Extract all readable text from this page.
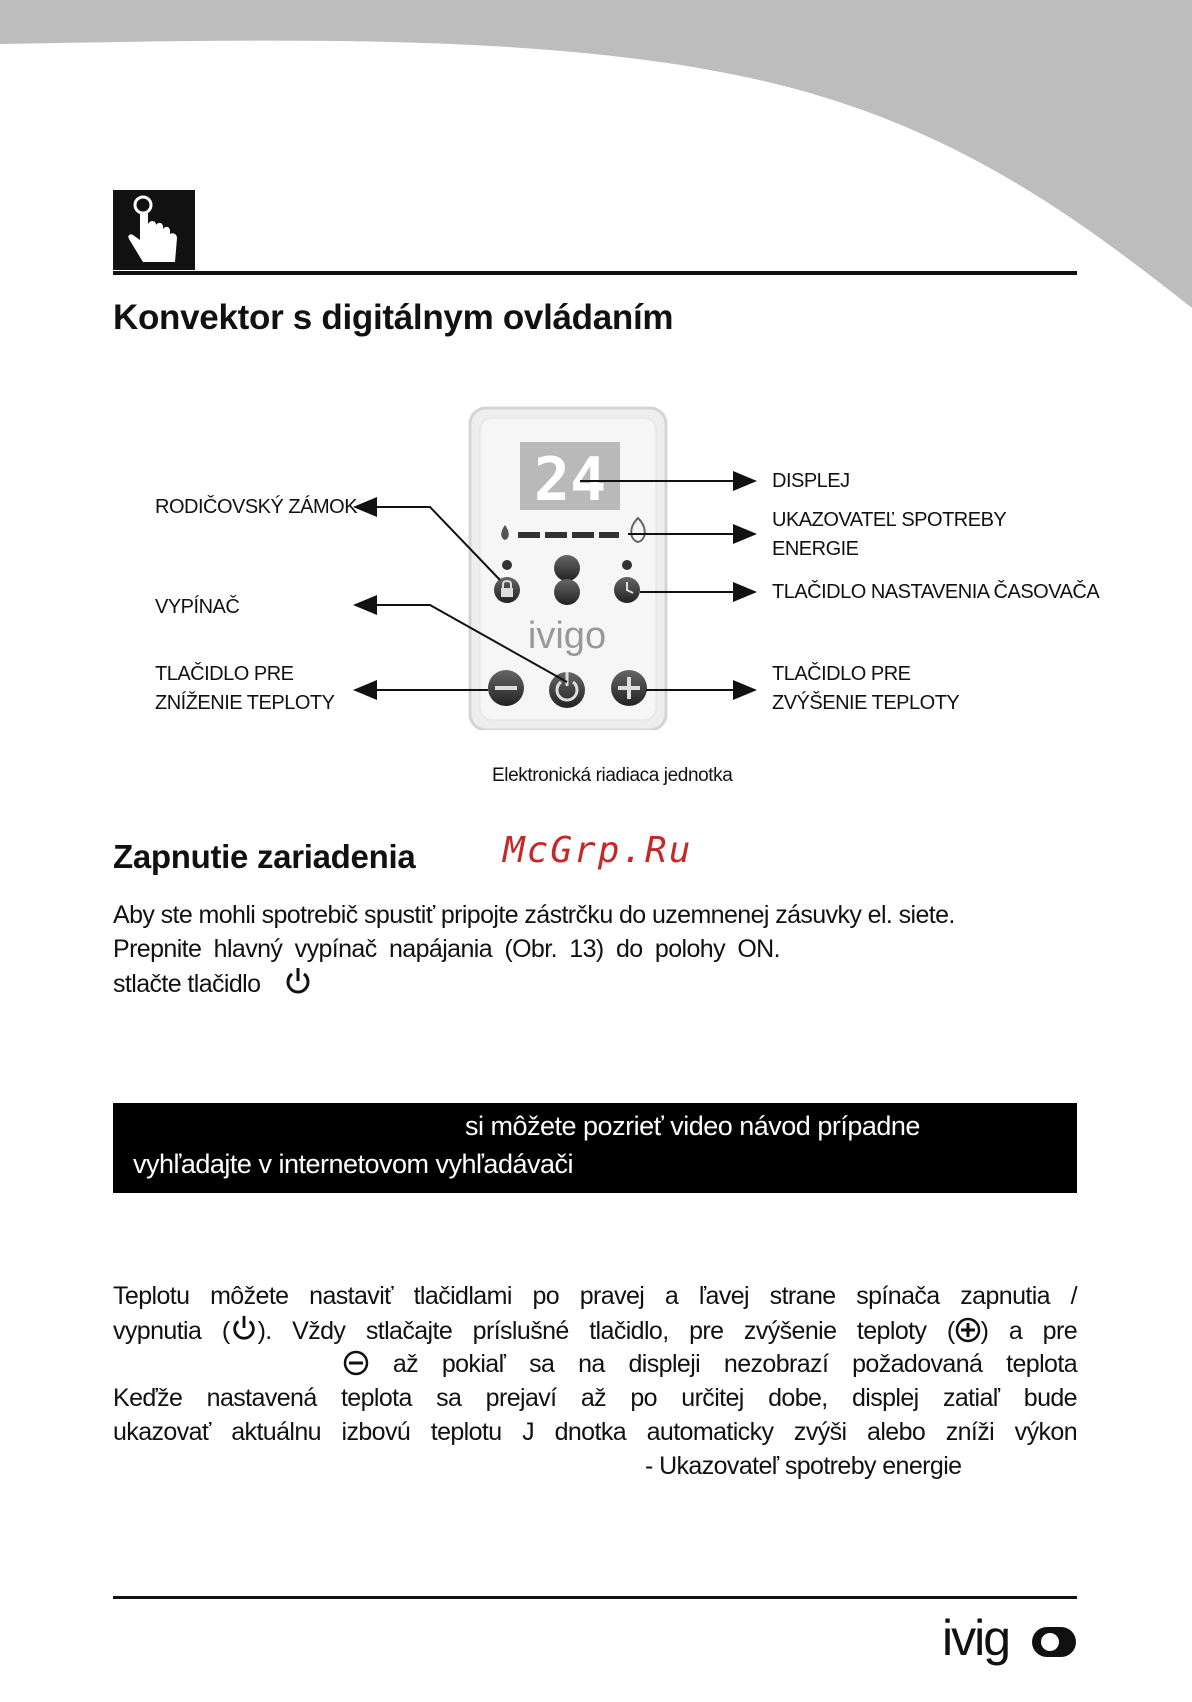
Konvektor s digitálnym ovládaním
24
ivigo
RODIČOVSKÝ ZÁMOK
VYPÍNAČ
TLAČIDLO PRE
ZNÍŽENIE TEPLOTY
DISPLEJ
UKAZOVATEĽ SPOTREBY
ENERGIE
TLAČIDLO NASTAVENIA ČASOVAČA
TLAČIDLO PRE
ZVÝŠENIE TEPLOTY
Elektronická riadiaca jednotka
Zapnutie zariadenia McGrp.Ru
Aby ste mohli spotrebič spustiť pripojte zástrčku do uzemnenej zásuvky el. siete.
Prepnite hlavný vypínač napájania (Obr. 13) do polohy ON.
stlačte tlačidlo
si môžete pozrieť video návod prípadne
vyhľadajte v internetovom vyhľadávači
Teplotu môžete nastaviť tlačidlami po pravej a ľavej strane spínača zapnutia /
vypnutia ( ). Vždy stlačajte príslušné tlačidlo, pre zvýšenie teploty ( ) a pre
až pokiaľ sa na displeji nezobrazí požadovaná teplota
Keďže nastavená teplota sa prejaví až po určitej dobe, displej zatiaľ bude
ukazovať aktuálnu izbovú teplotu J dnotka automaticky zvýši alebo zníži výkon
- Ukazovateľ spotreby energie
ivig
